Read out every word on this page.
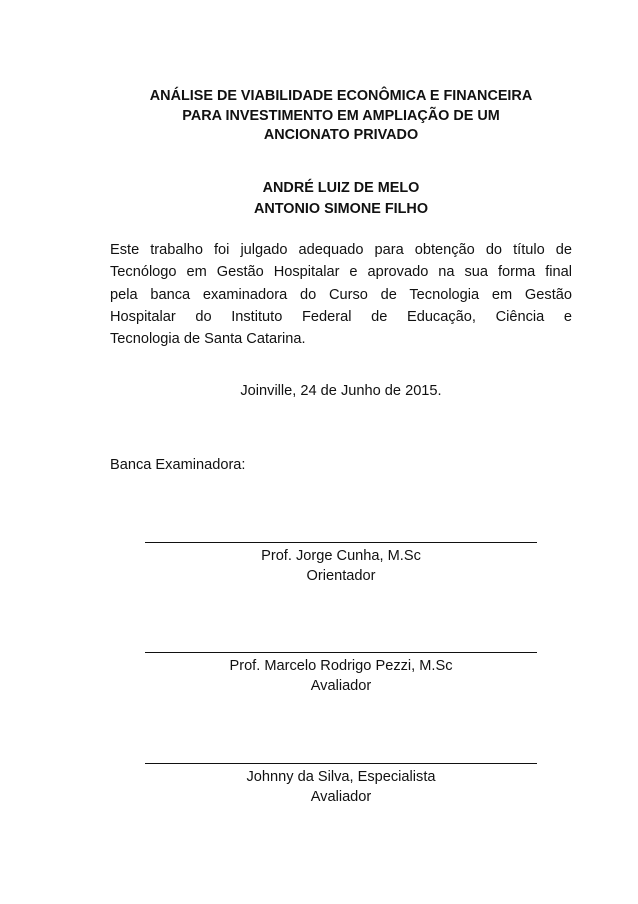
ANÁLISE DE VIABILIDADE ECONÔMICA E FINANCEIRA
PARA INVESTIMENTO EM AMPLIAÇÃO DE UM
ANCIONATO PRIVADO
ANDRÉ LUIZ DE MELO
ANTONIO SIMONE FILHO

Este trabalho foi julgado adequado para obtenção do título de
Tecnólogo em Gestão Hospitalar e aprovado na sua forma final
pela banca examinadora do Curso de Tecnologia em Gestão
Hospitalar do Instituto Federal de Educação, Ciência e
Tecnologia de Santa Catarina.

Joinville, 24 de Junho de 2015.
Banca Examinadora:
Prof. Jorge Cunha, M.Sc
Orientador
Prof. Marcelo Rodrigo Pezzi, M.Sc
Avaliador
Johnny da Silva, Especialista
Avaliador
